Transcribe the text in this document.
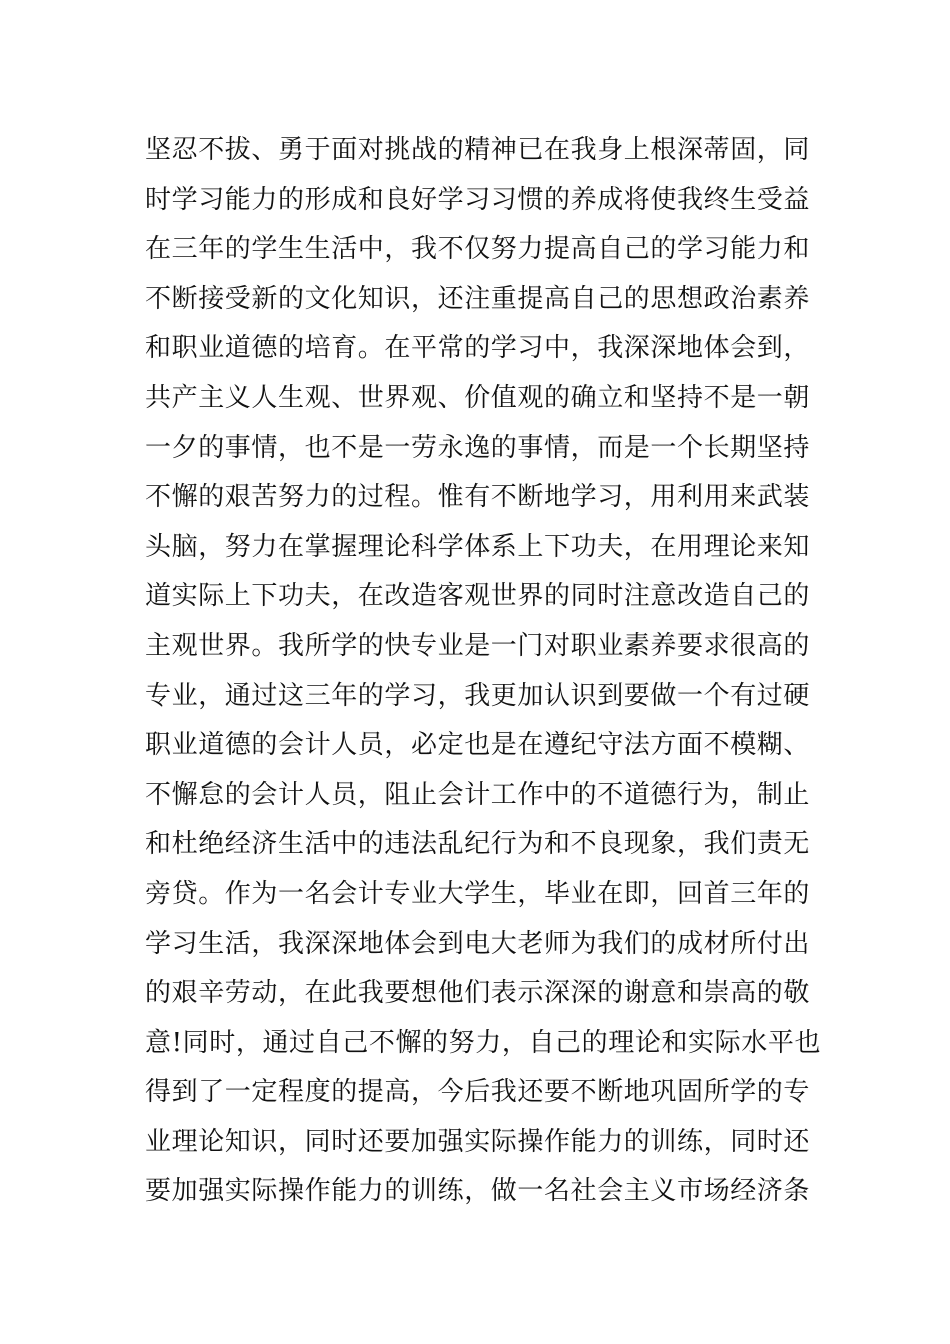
坚忍不拔、勇于面对挑战的精神已在我身上根深蒂固，同
时学习能力的形成和良好学习习惯的养成将使我终生受益
在三年的学生生活中，我不仅努力提高自己的学习能力和
不断接受新的文化知识，还注重提高自己的思想政治素养
和职业道德的培育。在平常的学习中，我深深地体会到，
共产主义人生观、世界观、价值观的确立和坚持不是一朝
一夕的事情，也不是一劳永逸的事情，而是一个长期坚持
不懈的艰苦努力的过程。惟有不断地学习，用利用来武装
头脑，努力在掌握理论科学体系上下功夫，在用理论来知
道实际上下功夫，在改造客观世界的同时注意改造自己的
主观世界。我所学的快专业是一门对职业素养要求很高的
专业，通过这三年的学习，我更加认识到要做一个有过硬
职业道德的会计人员，必定也是在遵纪守法方面不模糊、
不懈怠的会计人员，阻止会计工作中的不道德行为，制止
和杜绝经济生活中的违法乱纪行为和不良现象，我们责无
旁贷。作为一名会计专业大学生，毕业在即，回首三年的
学习生活，我深深地体会到电大老师为我们的成材所付出
的艰辛劳动，在此我要想他们表示深深的谢意和崇高的敬
意!同时，通过自己不懈的努力，自己的理论和实际水平也
得到了一定程度的提高，今后我还要不断地巩固所学的专
业理论知识，同时还要加强实际操作能力的训练，同时还
要加强实际操作能力的训练，做一名社会主义市场经济条
